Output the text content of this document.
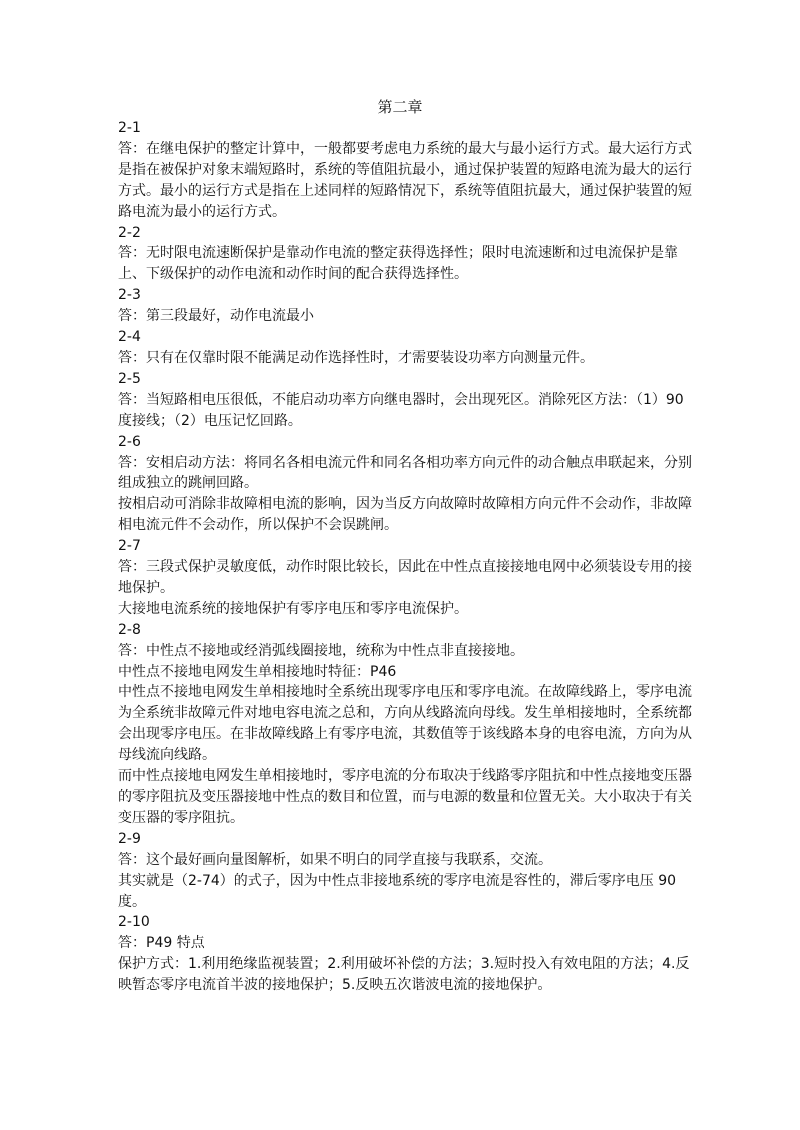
第二章
2-1
答：在继电保护的整定计算中，一般都要考虑电力系统的最大与最小运行方式。最大运行方式是指在被保护对象末端短路时，系统的等值阻抗最小，通过保护装置的短路电流为最大的运行方式。最小的运行方式是指在上述同样的短路情况下，系统等值阻抗最大，通过保护装置的短路电流为最小的运行方式。
2-2
答：无时限电流速断保护是靠动作电流的整定获得选择性；限时电流速断和过电流保护是靠上、下级保护的动作电流和动作时间的配合获得选择性。
2-3
答：第三段最好，动作电流最小
2-4
答：只有在仅靠时限不能满足动作选择性时，才需要装设功率方向测量元件。
2-5
答：当短路相电压很低，不能启动功率方向继电器时，会出现死区。消除死区方法：（1）90 度接线；（2）电压记忆回路。
2-6
答：安相启动方法：将同名各相电流元件和同名各相功率方向元件的动合触点串联起来，分别组成独立的跳闸回路。
按相启动可消除非故障相电流的影响，因为当反方向故障时故障相方向元件不会动作，非故障相电流元件不会动作，所以保护不会误跳闸。
2-7
答：三段式保护灵敏度低，动作时限比较长，因此在中性点直接接地电网中必须装设专用的接地保护。
大接地电流系统的接地保护有零序电压和零序电流保护。
2-8
答：中性点不接地或经消弧线圈接地，统称为中性点非直接接地。
中性点不接地电网发生单相接地时特征：P46
中性点不接地电网发生单相接地时全系统出现零序电压和零序电流。在故障线路上，零序电流为全系统非故障元件对地电容电流之总和，方向从线路流向母线。发生单相接地时，全系统都会出现零序电压。在非故障线路上有零序电流，其数值等于该线路本身的电容电流，方向为从母线流向线路。
而中性点接地电网发生单相接地时，零序电流的分布取决于线路零序阻抗和中性点接地变压器的零序阻抗及变压器接地中性点的数目和位置，而与电源的数量和位置无关。大小取决于有关变压器的零序阻抗。
2-9
答：这个最好画向量图解析，如果不明白的同学直接与我联系，交流。
其实就是（2-74）的式子，因为中性点非接地系统的零序电流是容性的，滞后零序电压 90 度。
2-10
答：P49 特点
保护方式：1.利用绝缘监视装置；2.利用破坏补偿的方法；3.短时投入有效电阻的方法；4.反映暂态零序电流首半波的接地保护；5.反映五次谐波电流的接地保护。
